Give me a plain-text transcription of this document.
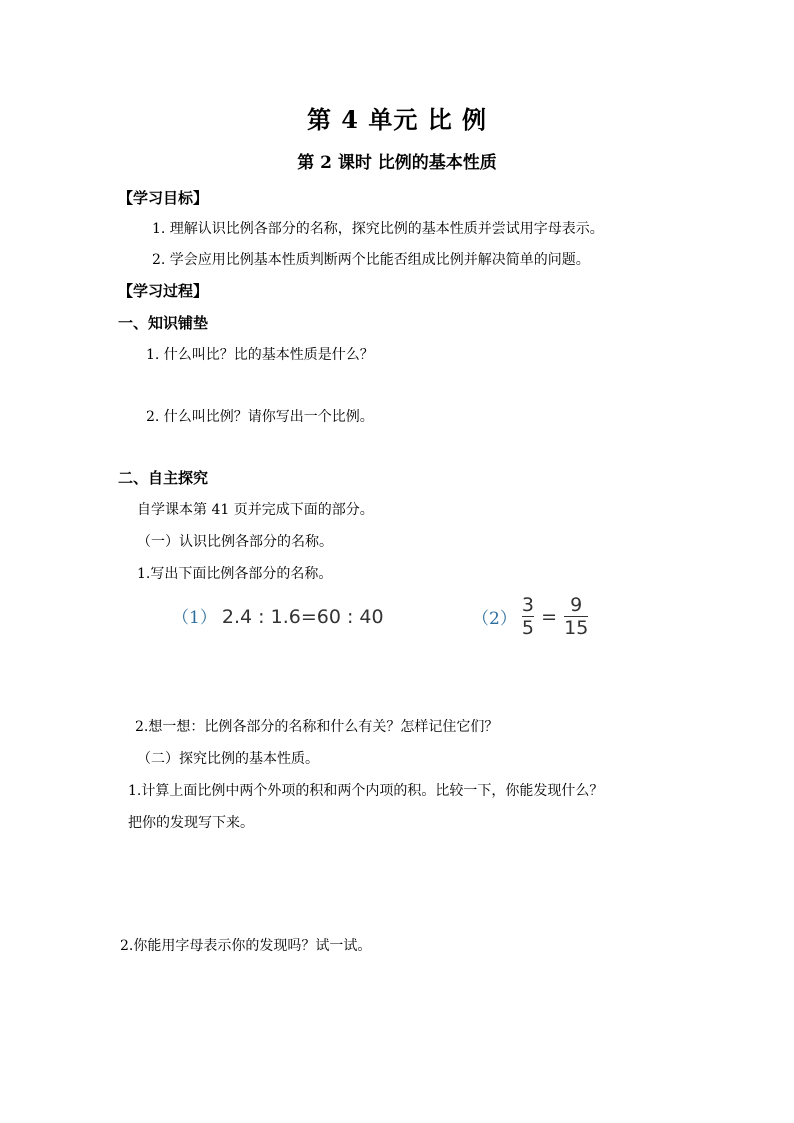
第 4 单元 比 例
第 2 课时 比例的基本性质
【学习目标】
1. 理解认识比例各部分的名称，探究比例的基本性质并尝试用字母表示。
2. 学会应用比例基本性质判断两个比能否组成比例并解决简单的问题。
【学习过程】
一、知识铺垫
1. 什么叫比？比的基本性质是什么？
2. 什么叫比例？请你写出一个比例。
二、自主探究
自学课本第 41 页并完成下面的部分。
（一）认识比例各部分的名称。
1.写出下面比例各部分的名称。
（1） 2.4 : 1.6=60 : 40	$(2) \frac{3}{5} = \frac{9}{15}$
2.想一想：比例各部分的名称和什么有关？怎样记住它们？
（二）探究比例的基本性质。
1.计算上面比例中两个外项的积和两个内项的积。比较一下，你能发现什么？
把你的发现写下来。
2.你能用字母表示你的发现吗？试一试。
